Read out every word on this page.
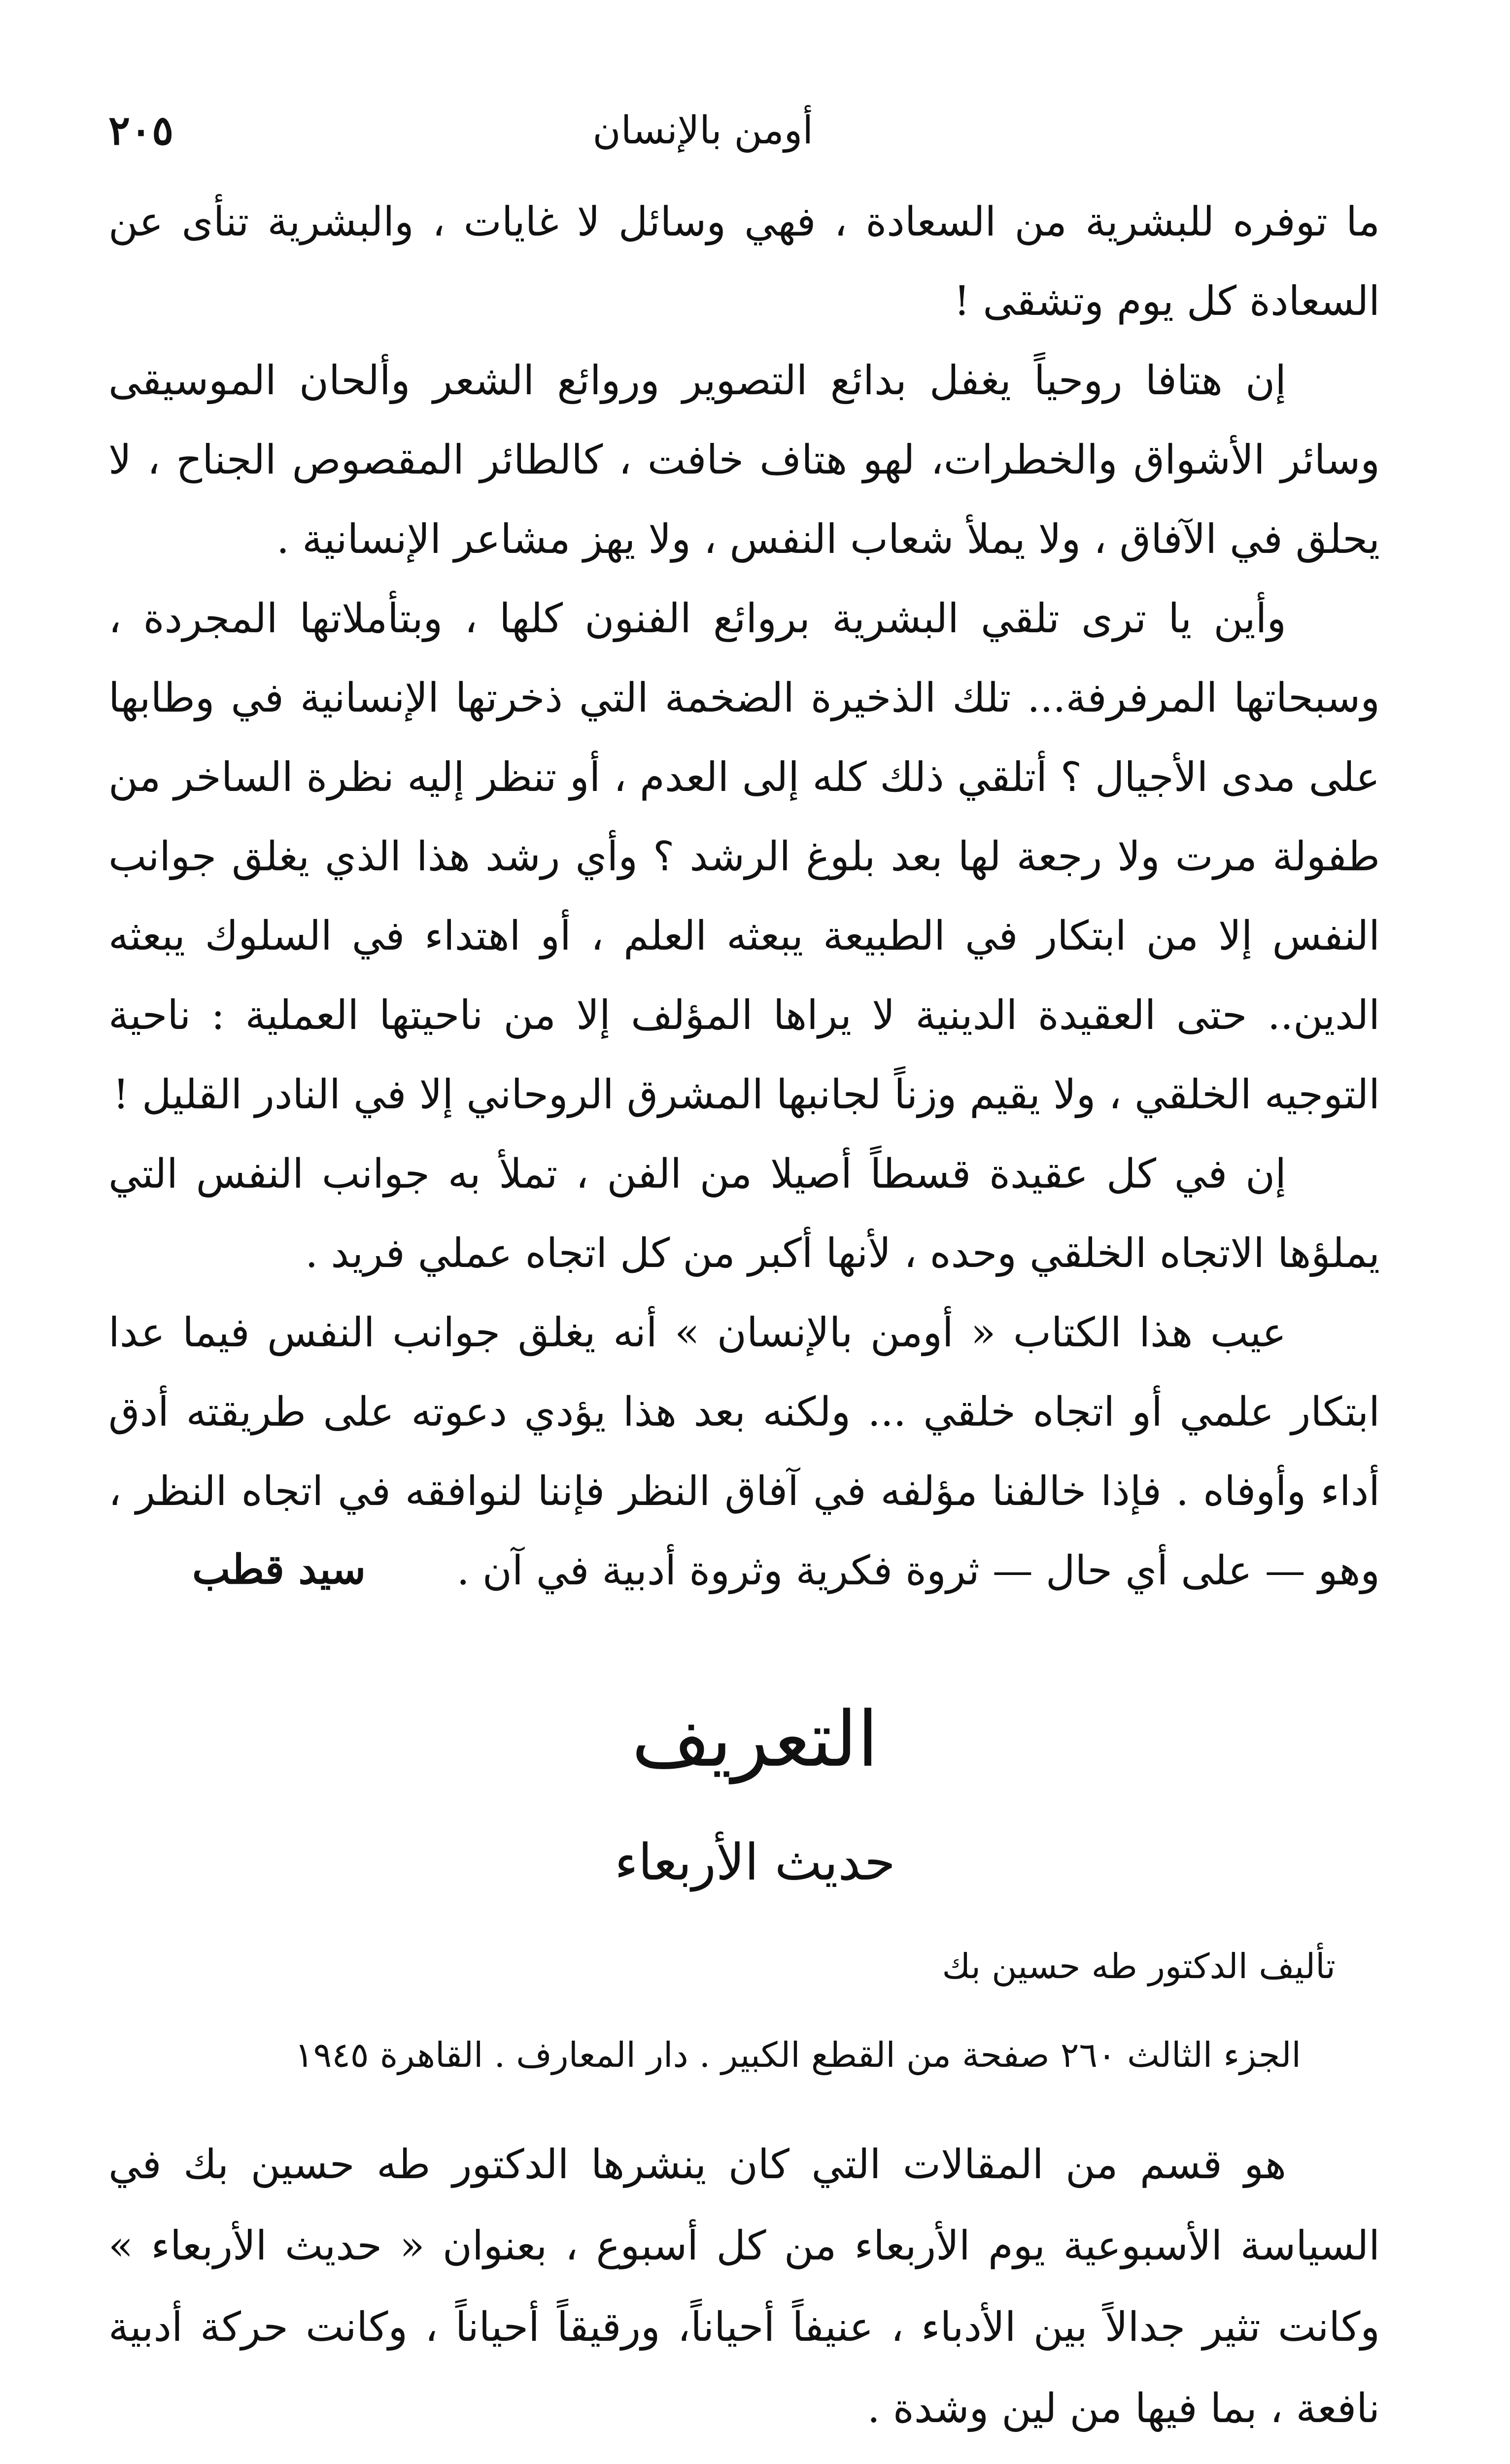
أومن بالإنسان
٢٠٥

ما توفره للبشرية من السعادة ، فهي وسائل لا غايات ، والبشرية تنأى عن السعادة كل يوم وتشقى !

إن هتافا روحياً يغفل بدائع التصوير وروائع الشعر وألحان الموسيقى وسائر الأشواق والخطرات، لهو هتاف خافت ، كالطائر المقصوص الجناح ، لا يحلق في الآفاق ، ولا يملأ شعاب النفس ، ولا يهز مشاعر الإنسانية .

وأين يا ترى تلقي البشرية بروائع الفنون كلها ، وبتأملاتها المجردة ، وسبحاتها المرفرفة... تلك الذخيرة الضخمة التي ذخرتها الإنسانية في وطابها على مدى الأجيال ؟ أتلقي ذلك كله إلى العدم ، أو تنظر إليه نظرة الساخر من طفولة مرت ولا رجعة لها بعد بلوغ الرشد ؟ وأي رشد هذا الذي يغلق جوانب النفس إلا من ابتكار في الطبيعة يبعثه العلم ، أو اهتداء في السلوك يبعثه الدين.. حتى العقيدة الدينية لا يراها المؤلف إلا من ناحيتها العملية : ناحية التوجيه الخلقي ، ولا يقيم وزناً لجانبها المشرق الروحاني إلا في النادر القليل !

إن في كل عقيدة قسطاً أصيلا من الفن ، تملأ به جوانب النفس التي يملؤها الاتجاه الخلقي وحده ، لأنها أكبر من كل اتجاه عملي فريد .

عيب هذا الكتاب « أومن بالإنسان » أنه يغلق جوانب النفس فيما عدا ابتكار علمي أو اتجاه خلقي ... ولكنه بعد هذا يؤدي دعوته على طريقته أدق أداء وأوفاه . فإذا خالفنا مؤلفه في آفاق النظر فإننا لنوافقه في اتجاه النظر ، وهو — على أي حال — ثروة فكرية وثروة أدبية في آن .

سيد قطب
التعريف
حديث الأربعاء
تأليف الدكتور طه حسين بك
الجزء الثالث ٢٦٠ صفحة من القطع الكبير . دار المعارف . القاهرة ١٩٤٥

هو قسم من المقالات التي كان ينشرها الدكتور طه حسين بك في السياسة الأسبوعية يوم الأربعاء من كل أسبوع ، بعنوان « حديث الأربعاء » وكانت تثير جدالاً بين الأدباء ، عنيفاً أحياناً، ورقيقاً أحياناً ، وكانت حركة أدبية نافعة ، بما فيها من لين وشدة .
